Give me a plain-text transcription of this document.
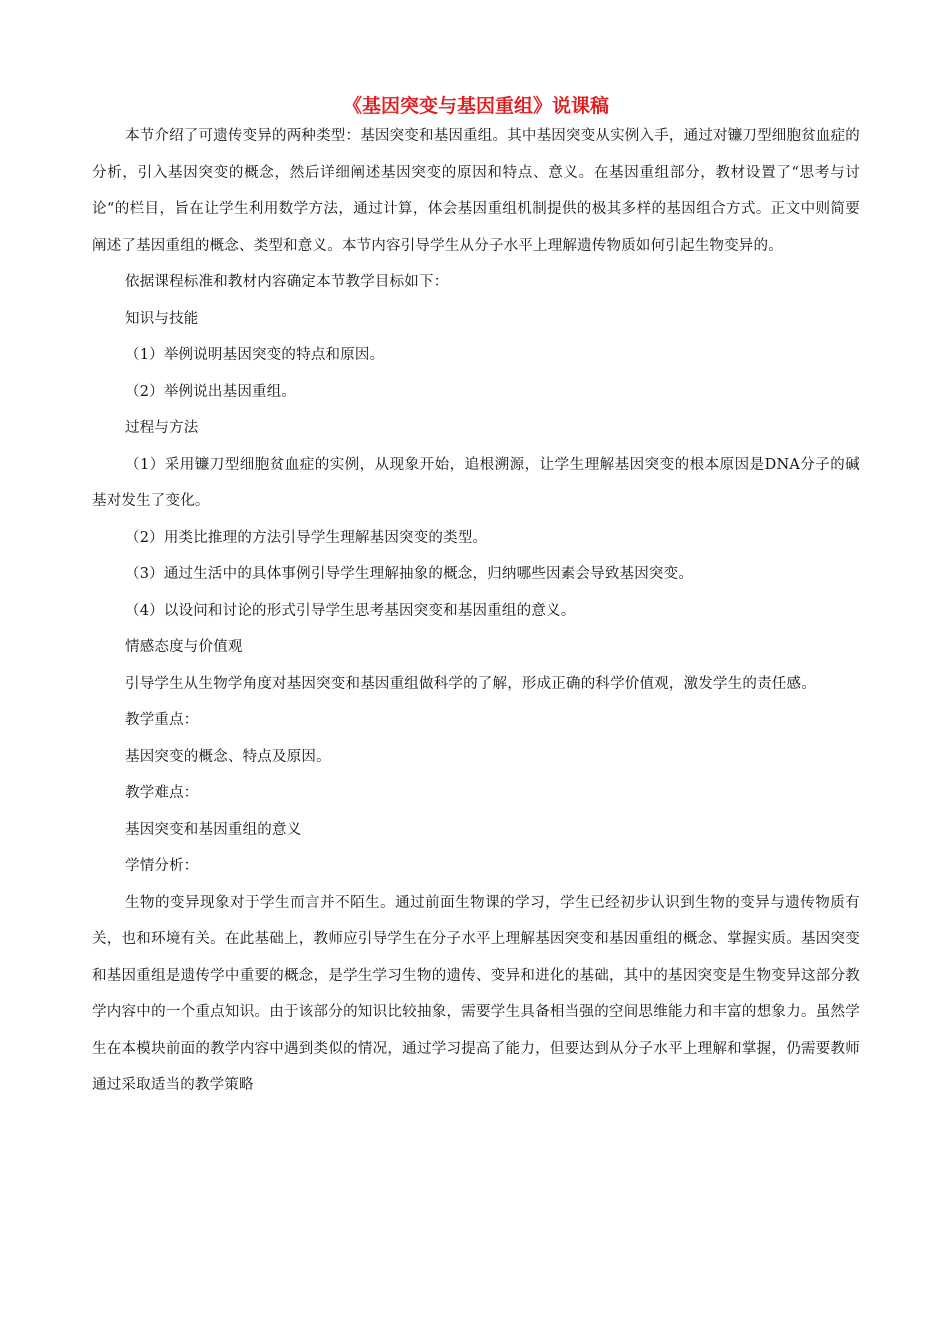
《基因突变与基因重组》说课稿

本节介绍了可遗传变异的两种类型：基因突变和基因重组。其中基因突变从实例入手，通过对镰刀型细胞贫血症的分析，引入基因突变的概念，然后详细阐述基因突变的原因和特点、意义。在基因重组部分，教材设置了“思考与讨论“的栏目，旨在让学生利用数学方法，通过计算，体会基因重组机制提供的极其多样的基因组合方式。正文中则简要阐述了基因重组的概念、类型和意义。本节内容引导学生从分子水平上理解遗传物质如何引起生物变异的。

依据课程标准和教材内容确定本节教学目标如下：

知识与技能

（1）举例说明基因突变的特点和原因。

（2）举例说出基因重组。

过程与方法

（1）采用镰刀型细胞贫血症的实例，从现象开始，追根溯源，让学生理解基因突变的根本原因是DNA分子的碱基对发生了变化。

（2）用类比推理的方法引导学生理解基因突变的类型。

（3）通过生活中的具体事例引导学生理解抽象的概念，归纳哪些因素会导致基因突变。

（4）以设问和讨论的形式引导学生思考基因突变和基因重组的意义。

情感态度与价值观

引导学生从生物学角度对基因突变和基因重组做科学的了解，形成正确的科学价值观，激发学生的责任感。

教学重点：

基因突变的概念、特点及原因。

教学难点：

基因突变和基因重组的意义

学情分析：

生物的变异现象对于学生而言并不陌生。通过前面生物课的学习，学生已经初步认识到生物的变异与遗传物质有关，也和环境有关。在此基础上，教师应引导学生在分子水平上理解基因突变和基因重组的概念、掌握实质。基因突变和基因重组是遗传学中重要的概念，是学生学习生物的遗传、变异和进化的基础，其中的基因突变是生物变异这部分教学内容中的一个重点知识。由于该部分的知识比较抽象，需要学生具备相当强的空间思维能力和丰富的想象力。虽然学生在本模块前面的教学内容中遇到类似的情况，通过学习提高了能力，但要达到从分子水平上理解和掌握，仍需要教师通过采取适当的教学策略
